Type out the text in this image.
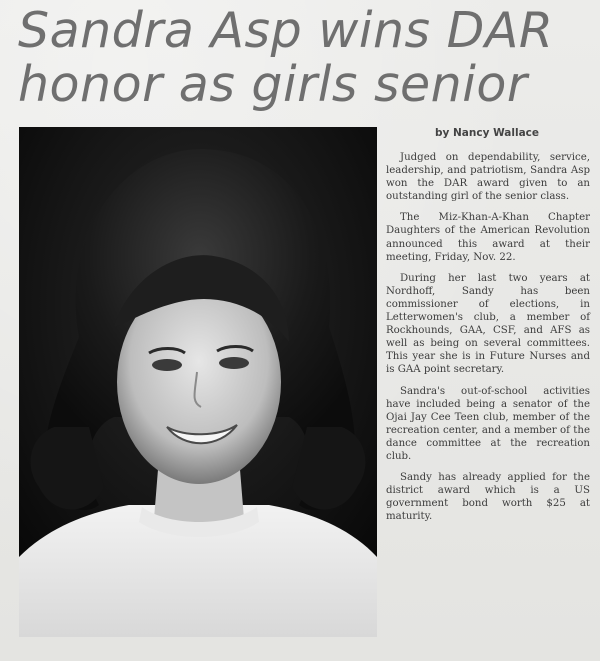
Sandra Asp wins DAR
honor as girls senior
by Nancy Wallace

Judged on dependability, service, leadership, and patriotism, Sandra Asp won the DAR award given to an outstanding girl of the senior class.

The Miz-Khan-A-Khan Chapter Daughters of the American Revolution announced this award at their meeting, Friday, Nov. 22.

During her last two years at Nordhoff, Sandy has been commissioner of elections, in Letterwomen's club, a member of Rockhounds, GAA, CSF, and AFS as well as being on several committees. This year she is in Future Nurses and is GAA point secretary.

Sandra's out-of-school activities have included being a senator of the Ojai Jay Cee Teen club, member of the recreation center, and a member of the dance committee at the recreation club.

Sandy has already applied for the district award which is a US government bond worth $25 at maturity.
